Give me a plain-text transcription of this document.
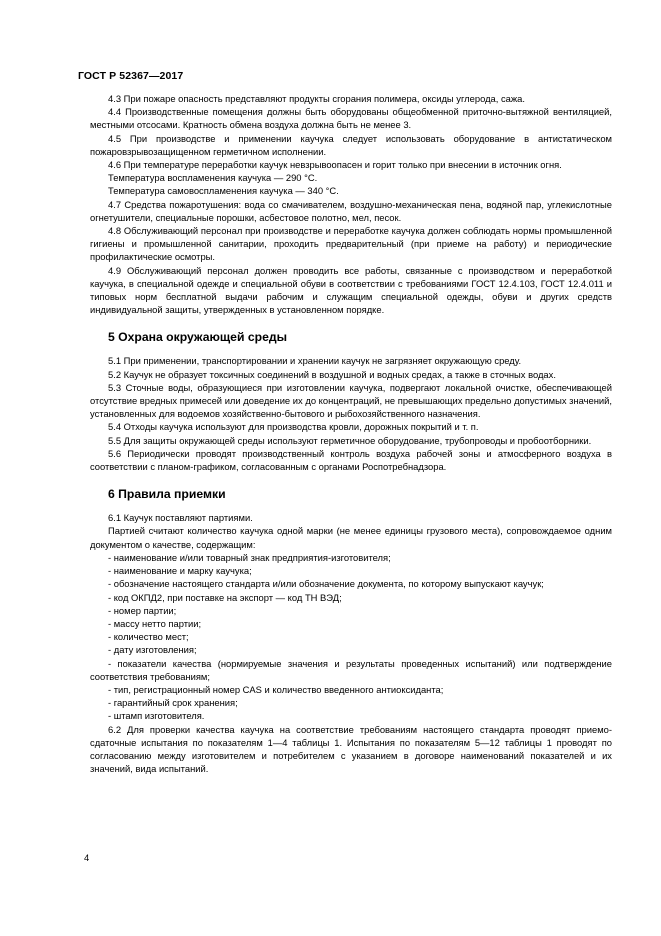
ГОСТ Р 52367—2017

4.3 При пожаре опасность представляют продукты сгорания полимера, оксиды углерода, сажа.

4.4 Производственные помещения должны быть оборудованы общеобменной приточно-вытяжной вентиляцией, местными отсосами. Кратность обмена воздуха должна быть не менее 3.

4.5 При производстве и применении каучука следует использовать оборудование в антистатическом пожаровзрывозащищенном герметичном исполнении.

4.6 При температуре переработки каучук невзрывоопасен и горит только при внесении в источник огня.

Температура воспламенения каучука — 290 °С.

Температура самовоспламенения каучука — 340 °С.

4.7 Средства пожаротушения: вода со смачивателем, воздушно-механическая пена, водяной пар, углекислотные огнетушители, специальные порошки, асбестовое полотно, мел, песок.

4.8 Обслуживающий персонал при производстве и переработке каучука должен соблюдать нормы промышленной гигиены и промышленной санитарии, проходить предварительный (при приеме на работу) и периодические профилактические осмотры.

4.9 Обслуживающий персонал должен проводить все работы, связанные с производством и переработкой каучука, в специальной одежде и специальной обуви в соответствии с требованиями ГОСТ 12.4.103, ГОСТ 12.4.011 и типовых норм бесплатной выдачи рабочим и служащим специальной одежды, обуви и других средств индивидуальной защиты, утвержденных в установленном порядке.

5 Охрана окружающей среды

5.1 При применении, транспортировании и хранении каучук не загрязняет окружающую среду.

5.2 Каучук не образует токсичных соединений в воздушной и водных средах, а также в сточных водах.

5.3 Сточные воды, образующиеся при изготовлении каучука, подвергают локальной очистке, обеспечивающей отсутствие вредных примесей или доведение их до концентраций, не превышающих предельно допустимых значений, установленных для водоемов хозяйственно-бытового и рыбохозяйственного назначения.

5.4 Отходы каучука используют для производства кровли, дорожных покрытий и т. п.

5.5 Для защиты окружающей среды используют герметичное оборудование, трубопроводы и пробоотборники.

5.6 Периодически проводят производственный контроль воздуха рабочей зоны и атмосферного воздуха в соответствии с планом-графиком, согласованным с органами Роспотребнадзора.

6 Правила приемки

6.1 Каучук поставляют партиями.

Партией считают количество каучука одной марки (не менее единицы грузового места), сопровождаемое одним документом о качестве, содержащим:

- наименование и/или товарный знак предприятия-изготовителя;

- наименование и марку каучука;

- обозначение настоящего стандарта и/или обозначение документа, по которому выпускают каучук;

- код ОКПД2, при поставке на экспорт — код ТН ВЭД;

- номер партии;

- массу нетто партии;

- количество мест;

- дату изготовления;

- показатели качества (нормируемые значения и результаты проведенных испытаний) или подтверждение соответствия требованиям;

- тип, регистрационный номер CAS и количество введенного антиоксиданта;

- гарантийный срок хранения;

- штамп изготовителя.

6.2 Для проверки качества каучука на соответствие требованиям настоящего стандарта проводят приемо-сдаточные испытания по показателям 1—4 таблицы 1. Испытания по показателям 5—12 таблицы 1 проводят по согласованию между изготовителем и потребителем с указанием в договоре наименований показателей и их значений, вида испытаний.

4
